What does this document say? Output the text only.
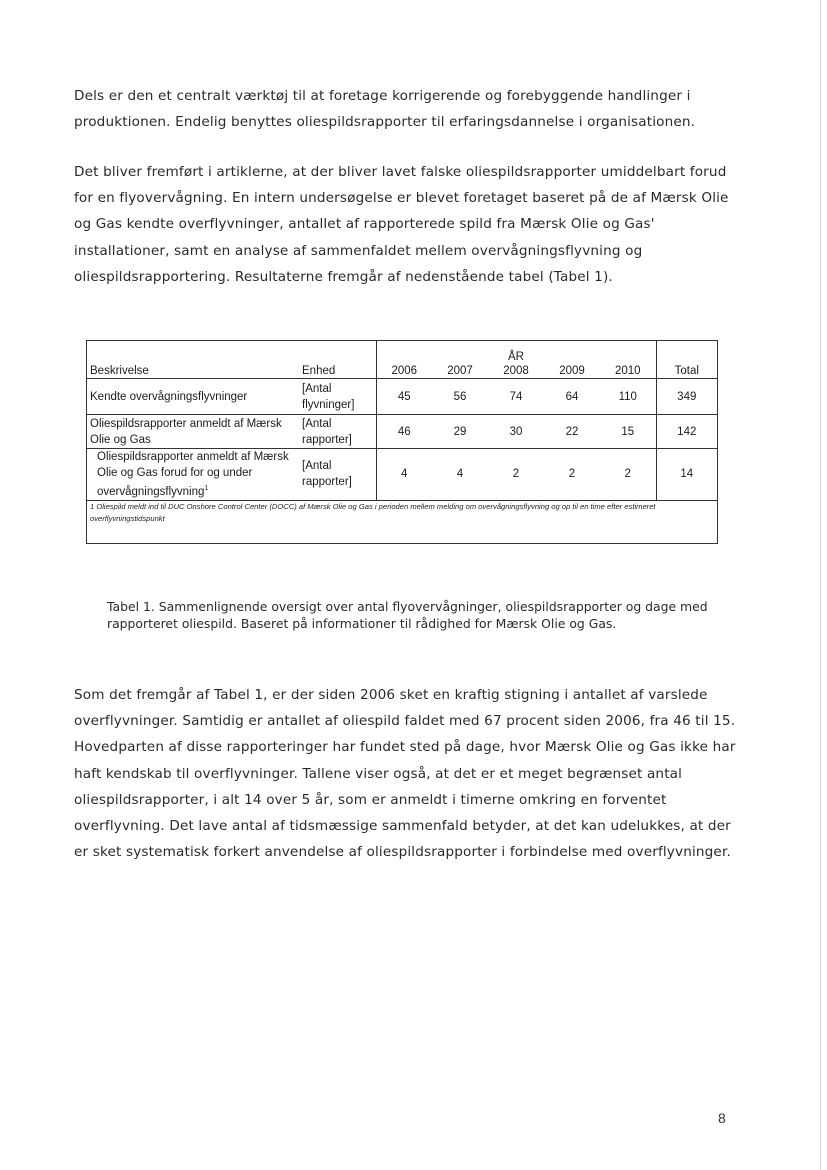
Dels er den et centralt værktøj til at foretage korrigerende og forebyggende handlinger i produktionen. Endelig benyttes oliespildsrapporter til erfaringsdannelse i organisationen.

Det bliver fremført i artiklerne, at der bliver lavet falske oliespildsrapporter umiddelbart forud for en flyovervågning. En intern undersøgelse er blevet foretaget baseret på de af Mærsk Olie og Gas kendte overflyvninger, antallet af rapporterede spild fra Mærsk Olie og Gas' installationer, samt en analyse af sammenfaldet mellem overvågningsflyvning og oliespildsrapportering. Resultaterne fremgår af nedenstående tabel (Tabel 1).

		ÅR					
Beskrivelse	Enhed	2006	2007	2008	2009	2010	Total
Kendte overvågningsflyvninger	[Antal flyvninger]	45	56	74	64	110	349
Oliespildsrapporter anmeldt af Mærsk Olie og Gas	[Antal rapporter]	46	29	30	22	15	142
Oliespildsrapporter anmeldt af Mærsk Olie og Gas forud for og under overvågningsflyvning$^1$	[Antal rapporter]	4	4	2	2	2	14
1 Oliespild meldt ind til DUC Onshore Control Center (DOCC) af Mærsk Olie og Gas i perioden mellem melding om overvågningsflyvning og op til en time efter estimeret overflyvningstidspunkt							

Tabel 1. Sammenlignende oversigt over antal flyovervågninger, oliespildsrapporter og dage med rapporteret oliespild. Baseret på informationer til rådighed for Mærsk Olie og Gas.

Som det fremgår af Tabel 1, er der siden 2006 sket en kraftig stigning i antallet af varslede overflyvninger. Samtidig er antallet af oliespild faldet med 67 procent siden 2006, fra 46 til 15. Hovedparten af disse rapporteringer har fundet sted på dage, hvor Mærsk Olie og Gas ikke har haft kendskab til overflyvninger. Tallene viser også, at det er et meget begrænset antal oliespildsrapporter, i alt 14 over 5 år, som er anmeldt i timerne omkring en forventet overflyvning. Det lave antal af tidsmæssige sammenfald betyder, at det kan udelukkes, at der er sket systematisk forkert anvendelse af oliespildsrapporter i forbindelse med overflyvninger.

8
